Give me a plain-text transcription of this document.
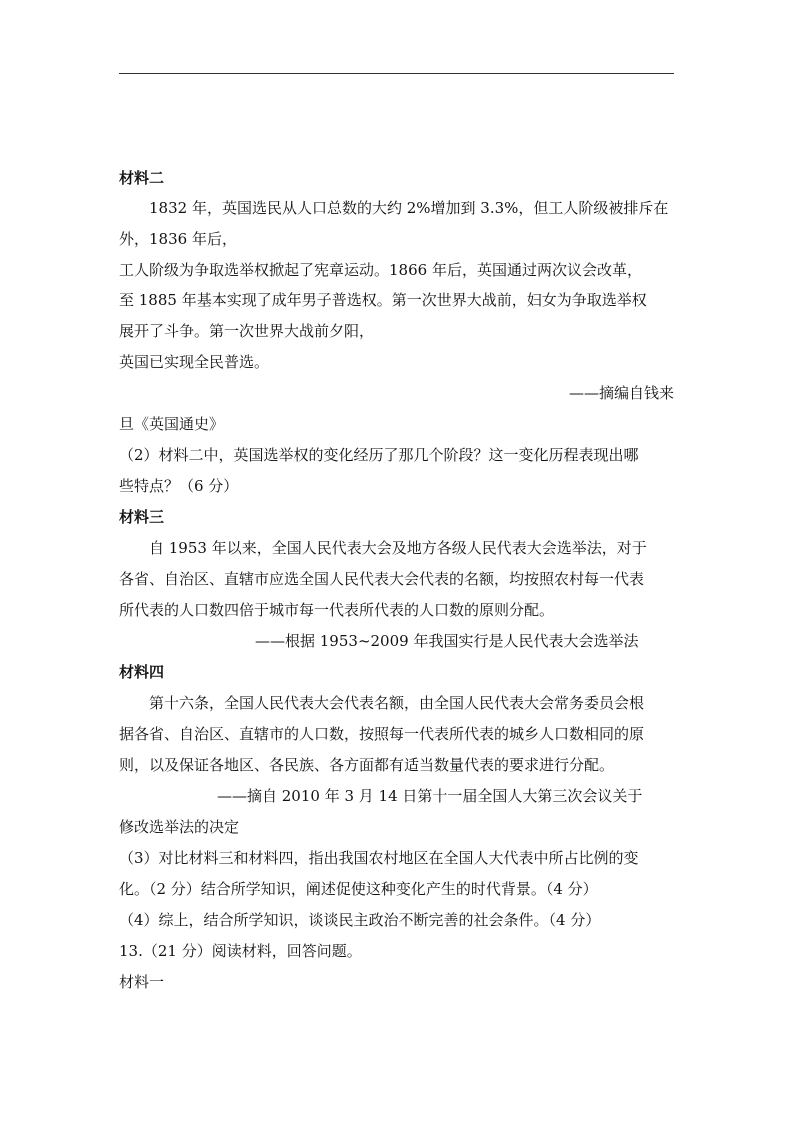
材料二
1832 年，英国选民从人口总数的大约 2%增加到 3.3%，但工人阶级被排斥在
外，1836 年后，
工人阶级为争取选举权掀起了宪章运动。1866 年后，英国通过两次议会改革，
至 1885 年基本实现了成年男子普选权。第一次世界大战前，妇女为争取选举权
展开了斗争。第一次世界大战前夕阳，
英国已实现全民普选。
——摘编自钱来
旦《英国通史》
（2）材料二中，英国选举权的变化经历了那几个阶段？这一变化历程表现出哪
些特点？（6 分）
材料三
自 1953 年以来，全国人民代表大会及地方各级人民代表大会选举法，对于
各省、自治区、直辖市应选全国人民代表大会代表的名额，均按照农村每一代表
所代表的人口数四倍于城市每一代表所代表的人口数的原则分配。
——根据 1953~2009 年我国实行是人民代表大会选举法
材料四
第十六条，全国人民代表大会代表名额，由全国人民代表大会常务委员会根
据各省、自治区、直辖市的人口数，按照每一代表所代表的城乡人口数相同的原
则，以及保证各地区、各民族、各方面都有适当数量代表的要求进行分配。
——摘自 2010 年 3 月 14 日第十一届全国人大第三次会议关于
修改选举法的决定
（3）对比材料三和材料四，指出我国农村地区在全国人大代表中所占比例的变
化。（2 分）结合所学知识，阐述促使这种变化产生的时代背景。（4 分）
（4）综上，结合所学知识，谈谈民主政治不断完善的社会条件。（4 分）
13.（21 分）阅读材料，回答问题。
材料一
